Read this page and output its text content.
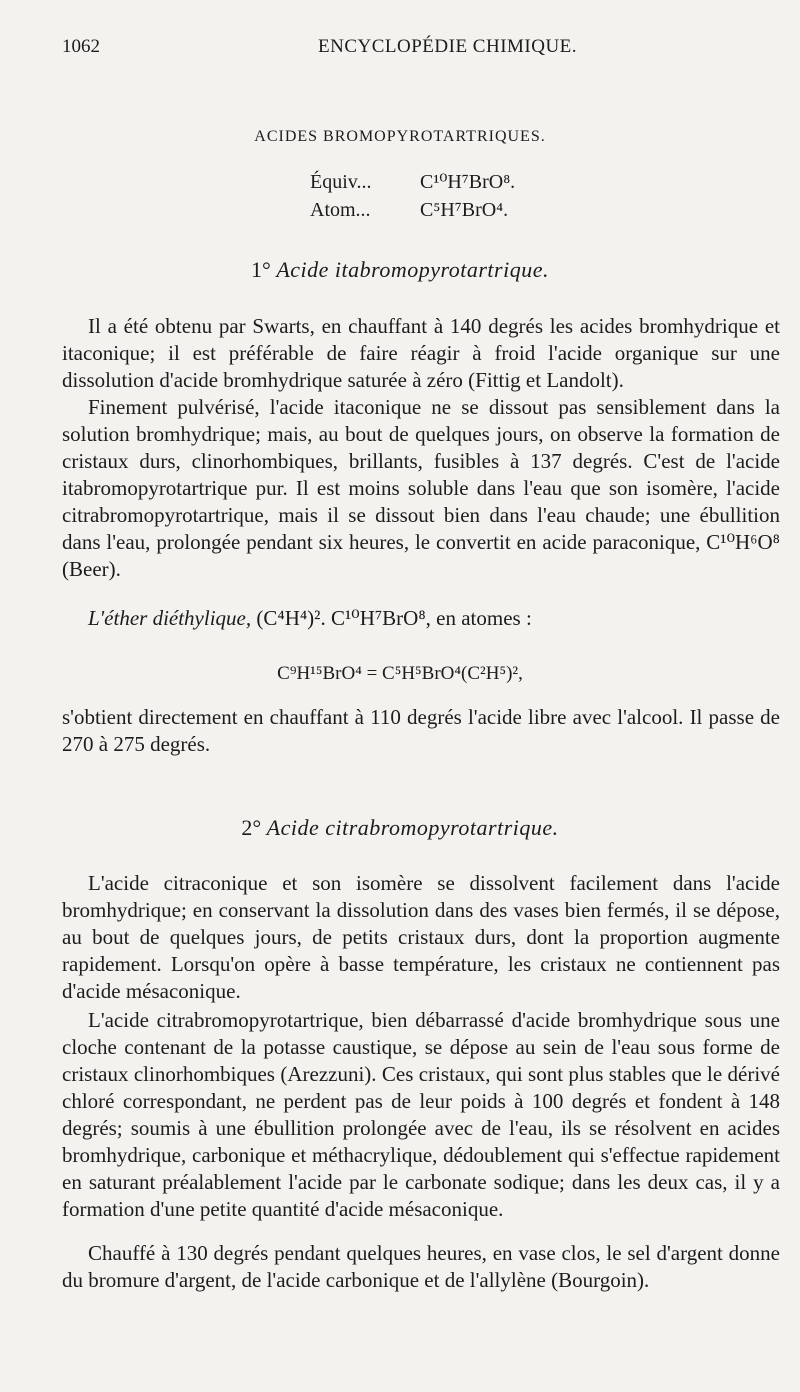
1062	ENCYCLOPÉDIE CHIMIQUE.
ACIDES BROMOPYROTARTRIQUES.
Équiv... C¹⁰H⁷BrO⁸.
Atom... C⁵H⁷BrO⁴.
1° Acide itabromopyrotartrique.

Il a été obtenu par Swarts, en chauffant à 140 degrés les acides bromhydrique et itaconique; il est préférable de faire réagir à froid l'acide organique sur une dissolution d'acide bromhydrique saturée à zéro (Fittig et Landolt).

Finement pulvérisé, l'acide itaconique ne se dissout pas sensiblement dans la solution bromhydrique; mais, au bout de quelques jours, on observe la formation de cristaux durs, clinorhombiques, brillants, fusibles à 137 degrés. C'est de l'acide itabromopyrotartrique pur. Il est moins soluble dans l'eau que son isomère, l'acide citrabromopyrotartrique, mais il se dissout bien dans l'eau chaude; une ébullition dans l'eau, prolongée pendant six heures, le convertit en acide paraconique, C¹⁰H⁶O⁸ (Beer).

L'éther diéthylique, (C⁴H⁴)². C¹⁰H⁷BrO⁸, en atomes :

C⁹H¹⁵BrO⁴ = C⁵H⁵BrO⁴(C²H⁵)²,

s'obtient directement en chauffant à 110 degrés l'acide libre avec l'alcool. Il passe de 270 à 275 degrés.

2° Acide citrabromopyrotartrique.

L'acide citraconique et son isomère se dissolvent facilement dans l'acide bromhydrique; en conservant la dissolution dans des vases bien fermés, il se dépose, au bout de quelques jours, de petits cristaux durs, dont la proportion augmente rapidement. Lorsqu'on opère à basse température, les cristaux ne contiennent pas d'acide mésaconique.

L'acide citrabromopyrotartrique, bien débarrassé d'acide bromhydrique sous une cloche contenant de la potasse caustique, se dépose au sein de l'eau sous forme de cristaux clinorhombiques (Arezzuni). Ces cristaux, qui sont plus stables que le dérivé chloré correspondant, ne perdent pas de leur poids à 100 degrés et fondent à 148 degrés; soumis à une ébullition prolongée avec de l'eau, ils se résolvent en acides bromhydrique, carbonique et méthacrylique, dédoublement qui s'effectue rapidement en saturant préalablement l'acide par le carbonate sodique; dans les deux cas, il y a formation d'une petite quantité d'acide mésaconique.

Chauffé à 130 degrés pendant quelques heures, en vase clos, le sel d'argent donne du bromure d'argent, de l'acide carbonique et de l'allylène (Bourgoin).
